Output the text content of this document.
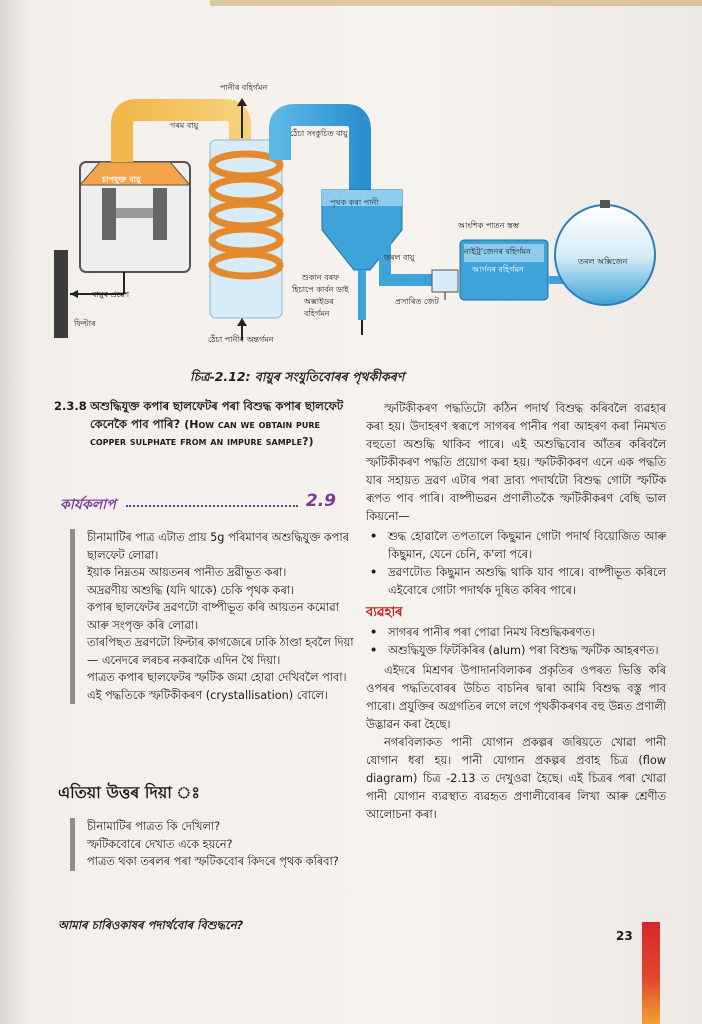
গৰম বায়ু
পানীৰ বহিৰ্গমন
ঠেঁচা সংকুচিত বায়ু
চাপযুক্ত বায়ু
বায়ুৰ প্ৰৱেশ
ফিল্টাৰ
ঠেঁচা পানীৰ অন্তৰ্গমন
শুকান বৰফ
হিচাপে কাৰ্বন ডাই
অক্সাইডৰ
বহিৰ্গমন
পৃথক কৰা পানী
তৰল বায়ু
প্ৰসাৰিত জেট
আংশিক পাতন স্তম্ভ
নাইট্ৰ'জেনৰ বহিৰ্গমন
আৰ্গনৰ বহিৰ্গমন
তৰল অক্সিজেন
চিত্ৰ-2.12: বায়ুৰ সংযুতিবোৰৰ পৃথকীকৰণ
2.3.8 অশুদ্ধিযুক্ত কপাৰ ছালফেটৰ পৰা বিশুদ্ধ কপাৰ ছালফেট কেনেকৈ পাব পাৰি? (How can we obtain pure copper sulphate from an impure sample?)
কাৰ্যকলাপ	2.9

চীনামাটিৰ পাত্ৰ এটাত প্ৰায় 5g পৰিমাণৰ অশুদ্ধিযুক্ত কপাৰ ছালফেট লোৱা।

ইয়াক নিম্নতম আয়তনৰ পানীত দ্ৰৱীভূত কৰা।

অদ্ৰৱণীয় অশুদ্ধি (যদি থাকে) চেকি পৃথক কৰা।

কপাৰ ছালফেটৰ দ্ৰৱণটো বাষ্পীভূত কৰি আয়তন কমোৱা আৰু সংপৃক্ত কৰি লোৱা।

তাৰপিছত দ্ৰৱণটো ফিল্টাৰ কাগজেৰে ঢাকি ঠাণ্ডা হবলৈ দিয়া— এনেদৰে লৰচৰ নকৰাকৈ এদিন থৈ দিয়া।

পাত্ৰত কপাৰ ছালফেটৰ স্ফটিক জমা হোৱা দেখিবলৈ পাবা।

এই পদ্ধতিকে স্ফটিকীকৰণ (crystallisation) বোলে।

এতিয়া উত্তৰ দিয়া ঃ

চীনামাটিৰ পাত্ৰত কি দেখিলা?

স্ফটিকবোৰে দেখাত একে হয়নে?

পাত্ৰত থকা তৰলৰ পৰা স্ফটিকবোৰ কিদৰে পৃথক কৰিবা?

আমাৰ চাৰিওকাষৰ পদাৰ্থবোৰ বিশুদ্ধনে?

স্ফটিকীকৰণ পদ্ধতিটো কঠিন পদাৰ্থ বিশুদ্ধ কৰিবলৈ ব্যৱহাৰ কৰা হয়। উদাহৰণ স্বৰূপে সাগৰৰ পানীৰ পৰা আহৰণ কৰা নিমখত বহুতো অশুদ্ধি থাকিব পাৰে। এই অশুদ্ধিবোৰ আঁতৰ কৰিবলৈ স্ফটিকীকৰণ পদ্ধতি প্ৰয়োগ কৰা হয়। স্ফটিকীকৰণ এনে এক পদ্ধতি যাৰ সহায়ত দ্ৰৱণ এটাৰ পৰা দ্ৰাব্য পদাৰ্থটো বিশুদ্ধ গোটা স্ফটিক ৰূপত পাব পাৰি। বাষ্পীভৱন প্ৰণালীতকৈ স্ফটিকীকৰণ বেছি ভাল কিয়নো—

• শুদ্ধ হোৱালৈ তপতালে কিছুমান গোটা পদাৰ্থ বিয়োজিত আৰু কিছুমান, যেনে চেনি, ক'লা পৰে।
• দ্ৰৱণটোত কিছুমান অশুদ্ধি থাকি যাব পাৰে। বাষ্পীভূত কৰিলে এইবোৰে গোটা পদাৰ্থক দূষিত কৰিব পাৰে।
ব্যৱহাৰ
• সাগৰৰ পানীৰ পৰা পোৱা নিমখ বিশুদ্ধিকৰণত।
• অশুদ্ধিযুক্ত ফিটকিৰিৰ (alum) পৰা বিশুদ্ধ স্ফটিক আহৰণত।

এইদৰে মিশ্ৰণৰ উপাদানবিলাকৰ প্ৰকৃতিৰ ওপৰত ভিত্তি কৰি ওপৰৰ পদ্ধতিবোৰৰ উচিত বাচনিৰ দ্বাৰা আমি বিশুদ্ধ বস্তু পাব পাৰো। প্ৰযুক্তিৰ অগ্ৰগতিৰ লগে লগে পৃথকীকৰণৰ বহু উন্নত প্ৰণালী উদ্ভাৱন কৰা হৈছে।

নগৰবিলাকত পানী যোগান প্ৰকল্পৰ জৰিয়তে খোৱা পানী যোগান ধৰা হয়। পানী যোগান প্ৰকল্পৰ প্ৰবাহ চিত্ৰ (flow diagram) চিত্ৰ -2.13 ত দেখুওৱা হৈছে। এই চিত্ৰৰ পৰা খোৱা পানী যোগান ব্যৱস্থাত ব্যৱহৃত প্ৰণালীবোৰৰ লিখা আৰু শ্ৰেণীত আলোচনা কৰা।

23
